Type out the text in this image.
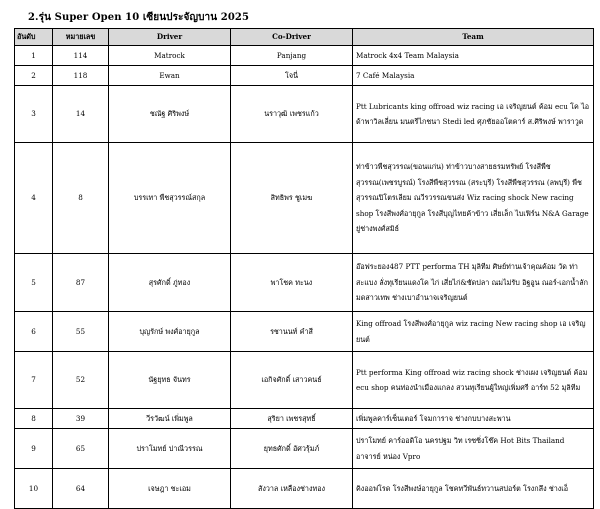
2.รุ่น Super Open 10 เซียนประจัญบาน 2025
อันดับ	หมายเลข	Driver	Co-Driver	Team
1	114	Matrock	Panjang	Matrock 4x4 Team Malaysia
2	118	Ewan	โจนี่	7 Café Malaysia
3	14	ชณัฐ ศิริพงษ์	นราวุฒิ เพชรแก้ว	Ptt Lubricants king offroad wiz racing เอ เจริญยนต์ ค้อม ecu โค ไอด้าพาวิลเลี่ยน มนตรีไกชนา Stedi led ศุภชัยออโตคาร์ ส.ศิริพงษ์ พาราวูด
4	8	บรรเทา พืชสุวรรณ์สกุล	สิทธิพร ชูเมฆ	ท่าข้าวพืชสุวรรณ(ขอนแก่น) ท่าข้าวบางสายธรมทรัพย์ โรงสีพืช สุวรรณ(เพชรบูรณ์) โรงสีพืชสุวรรณ (สระบุรี) โรงสีพืชสุวรรณ (ลพบุรี) พืชสุวรรณปิโตรเลียม ณวีรวรรณขนส่ง Wiz racing shock New racing shop โรงสีพงศ์อายุกูล โรงสีบุญไทยค้าข้าว เสี่ยเล็ก ไบเฟิร์น N&A Garage ยู่ช่างพงศ์สมิธ์
5	87	สุรศักดิ์ ภู่ทอง	พาโชค ทะนง	อ๊อฟระยอง487 PTT performa TH มุลิทีม ศิษย์ท่านเจ้าคุณค้อม วัด ท่าสะแบง ลั่งทุเรียนแดงโค ไก่ เสี่ยไก่&ชัดปลา ณมไม่รับ อิฐอูน ณอร์-เอกน้ำลัก มดสาวเทพ ช่างเบาอำนาจเจริญยนต์
6	55	บุญรักษ์ พงศ์อายุกูล	รชานนท์ คำสี	King offroad โรงสีพงศ์อายุกูล wiz racing New racing shop เอ เจริญยนต์
7	52	นัฐยุทธ จันทร	เอกิจศักดิ์ เสาวคนธ์	Ptt performa King offroad wiz racing shock ช่างเผง เจริญยนต์ ค้อม ecu shop คนท่องนำเมืองแกลง สวนทุเรียนผู้ใหญ่เพิ่มศรี อาร์ท 52 มุลิทีม
8	39	วีรวัฒน์ เพิ่มพูล	สุริยา เพชรสุทธิ์	เพิ่มพูลคาร์เซ็นเตอร์ โจมการาจ ช่างกบบางสะพาน
9	65	ปราโมทย์ ปาณีวรรณ	ยุทธศักดิ์ อัศวรุ้มภ์	ปราโมทย์ คาร์ออดิโอ นครปฐม วิท เรซซิ่งโช๊ค Hot Bits Thailand อาจารย์ หน่อง Vpro
10	64	เจษฎา ชะเอม	สังวาล เหลืองช่างทอง	คิงออฟโรด โรงสีพงษ์อายุกูล โชคทวีพันธ์ทวานสปอร์ต โรงกลึง ช่างเอ็
